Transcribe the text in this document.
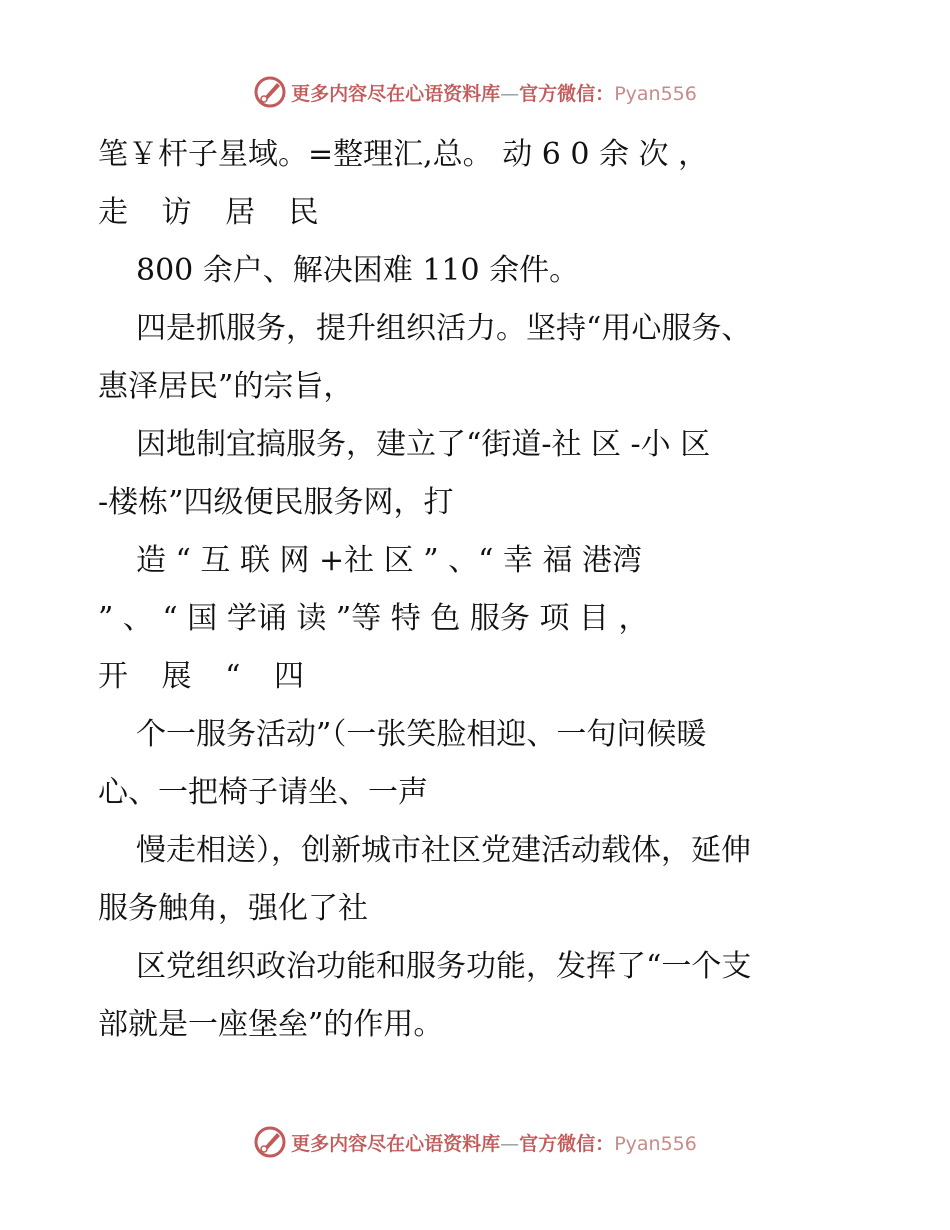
更多内容尽在心语资料库—官方微信：Pyan556

笔￥杆子星域。=整理汇,总。 动 6 0 余 次 ，

走 访 居 民

800 余户、解决困难 110 余件。

四是抓服务，提升组织活力。坚持“用心服务、

惠泽居民”的宗旨，

因地制宜搞服务，建立了“街道-社 区 -小 区

-楼栋”四级便民服务网，打

造 “ 互 联 网 +社 区 ” 、“ 幸 福 港湾

” 、 “ 国 学诵 读 ”等 特 色 服务 项 目 ，

开 展 “ 四

个一服务活动”（一张笑脸相迎、一句问候暖

心、一把椅子请坐、一声

慢走相送），创新城市社区党建活动载体，延伸

服务触角，强化了社

区党组织政治功能和服务功能，发挥了“一个支

部就是一座堡垒”的作用。

更多内容尽在心语资料库—官方微信：Pyan556
